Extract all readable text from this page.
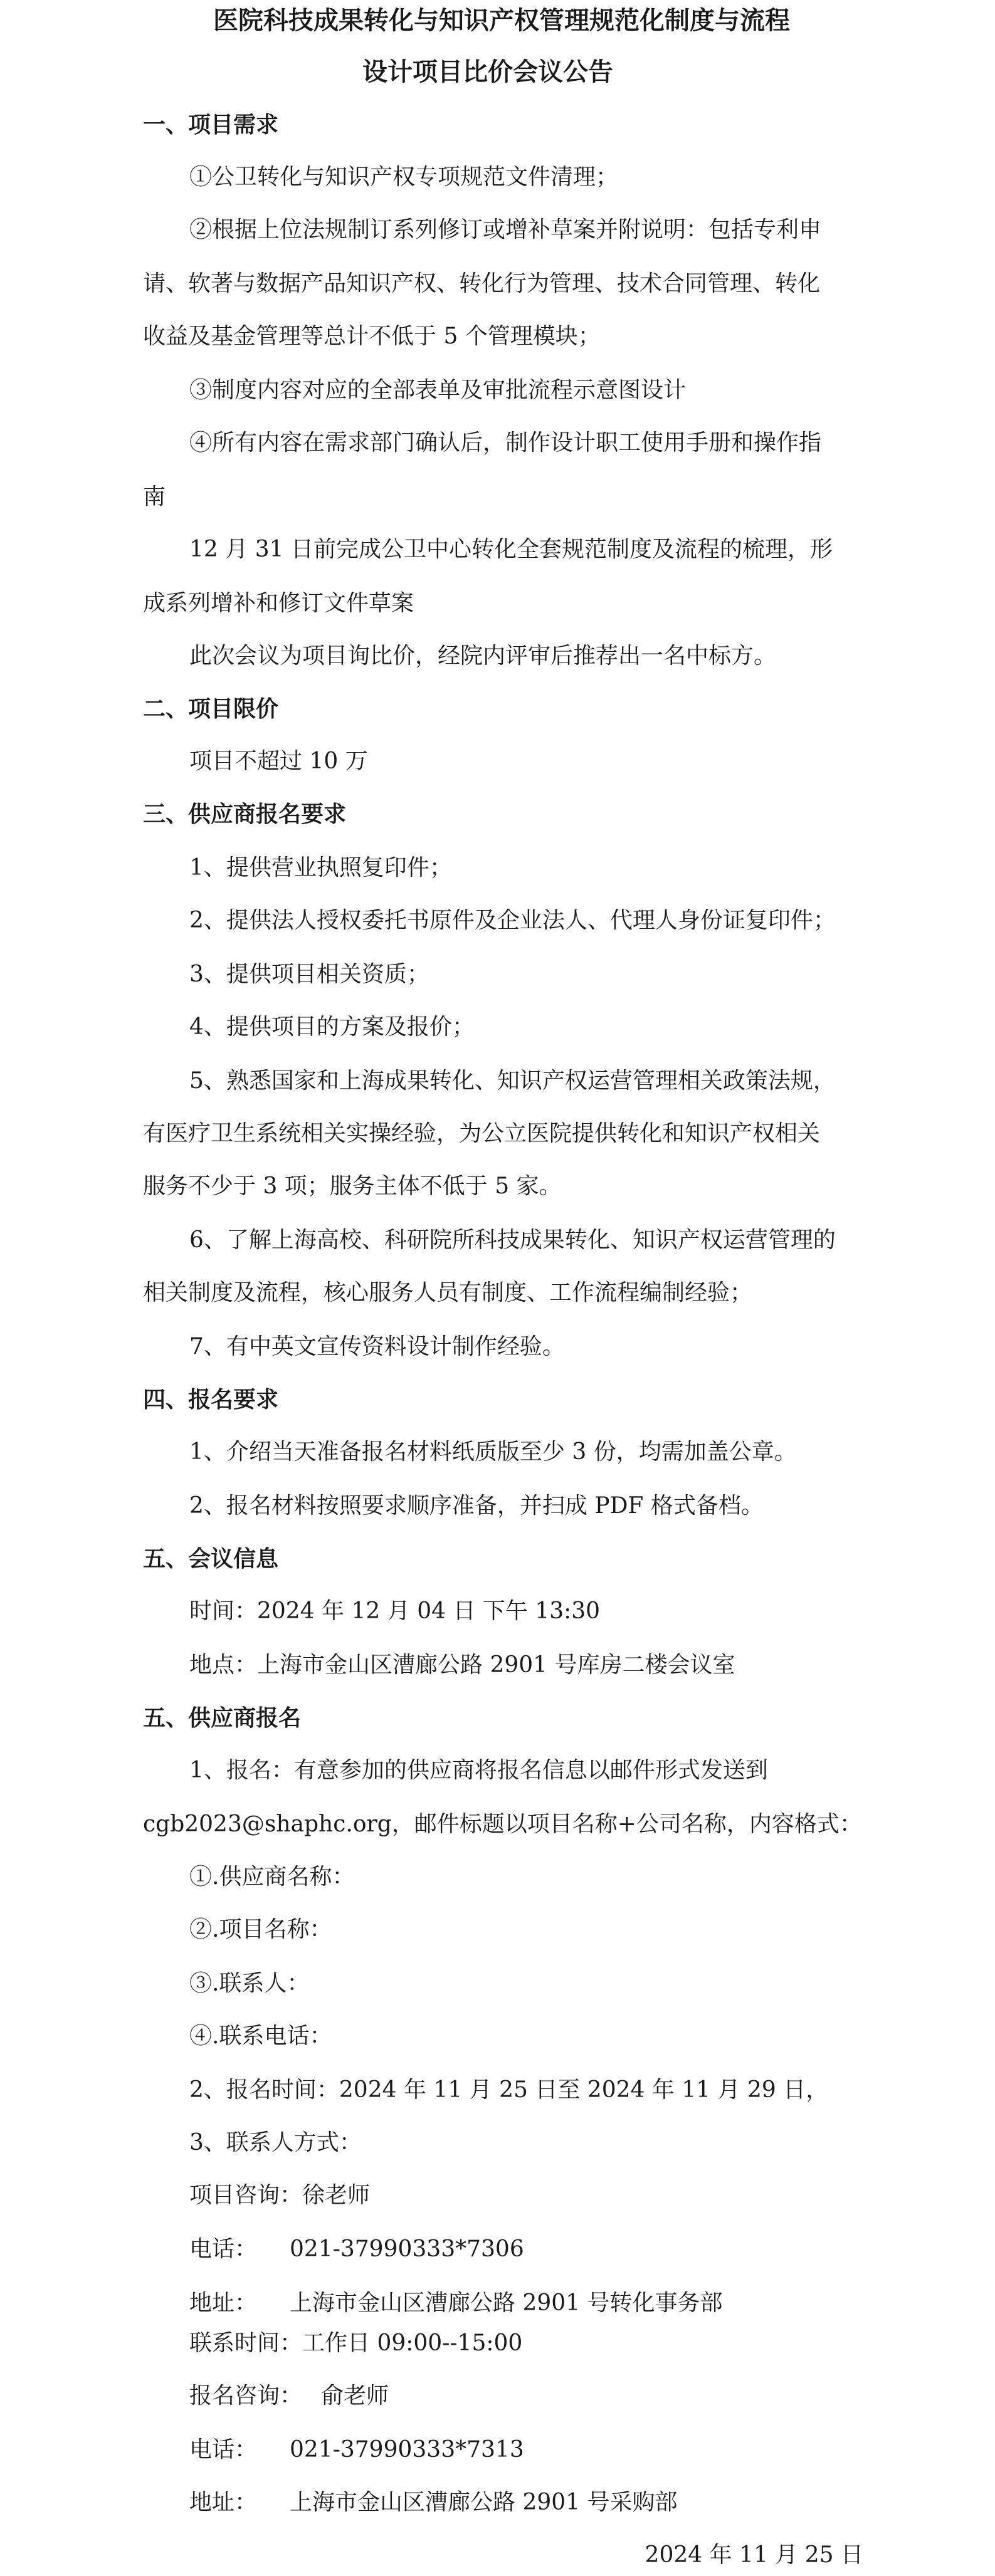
医院科技成果转化与知识产权管理规范化制度与流程
设计项目比价会议公告
一、项目需求
①公卫转化与知识产权专项规范文件清理；
②根据上位法规制订系列修订或增补草案并附说明：包括专利申
请、软著与数据产品知识产权、转化行为管理、技术合同管理、转化
收益及基金管理等总计不低于 5 个管理模块；
③制度内容对应的全部表单及审批流程示意图设计
④所有内容在需求部门确认后，制作设计职工使用手册和操作指
南
12 月 31 日前完成公卫中心转化全套规范制度及流程的梳理，形
成系列增补和修订文件草案
此次会议为项目询比价，经院内评审后推荐出一名中标方。
二、项目限价
项目不超过 10 万
三、供应商报名要求
1、提供营业执照复印件；
2、提供法人授权委托书原件及企业法人、代理人身份证复印件；
3、提供项目相关资质；
4、提供项目的方案及报价；
5、熟悉国家和上海成果转化、知识产权运营管理相关政策法规，
有医疗卫生系统相关实操经验，为公立医院提供转化和知识产权相关
服务不少于 3 项；服务主体不低于 5 家。
6、了解上海高校、科研院所科技成果转化、知识产权运营管理的
相关制度及流程，核心服务人员有制度、工作流程编制经验；
7、有中英文宣传资料设计制作经验。
四、报名要求
1、介绍当天准备报名材料纸质版至少 3 份，均需加盖公章。
2、报名材料按照要求顺序准备，并扫成 PDF 格式备档。
五、会议信息
时间：2024 年 12 月 04 日 下午 13:30
地点：上海市金山区漕廊公路 2901 号库房二楼会议室
五、供应商报名
1、报名：有意参加的供应商将报名信息以邮件形式发送到
cgb2023@shaphc.org，邮件标题以项目名称+公司名称，内容格式：
①.供应商名称：
②.项目名称：
③.联系人：
④.联系电话：
2、报名时间：2024 年 11 月 25 日至 2024 年 11 月 29 日，
3、联系人方式：
项目咨询：徐老师
电话： 021-37990333*7306
地址： 上海市金山区漕廊公路 2901 号转化事务部
联系时间：工作日 09:00--15:00
报名咨询： 俞老师
电话： 021-37990333*7313
地址： 上海市金山区漕廊公路 2901 号采购部
2024 年 11 月 25 日
